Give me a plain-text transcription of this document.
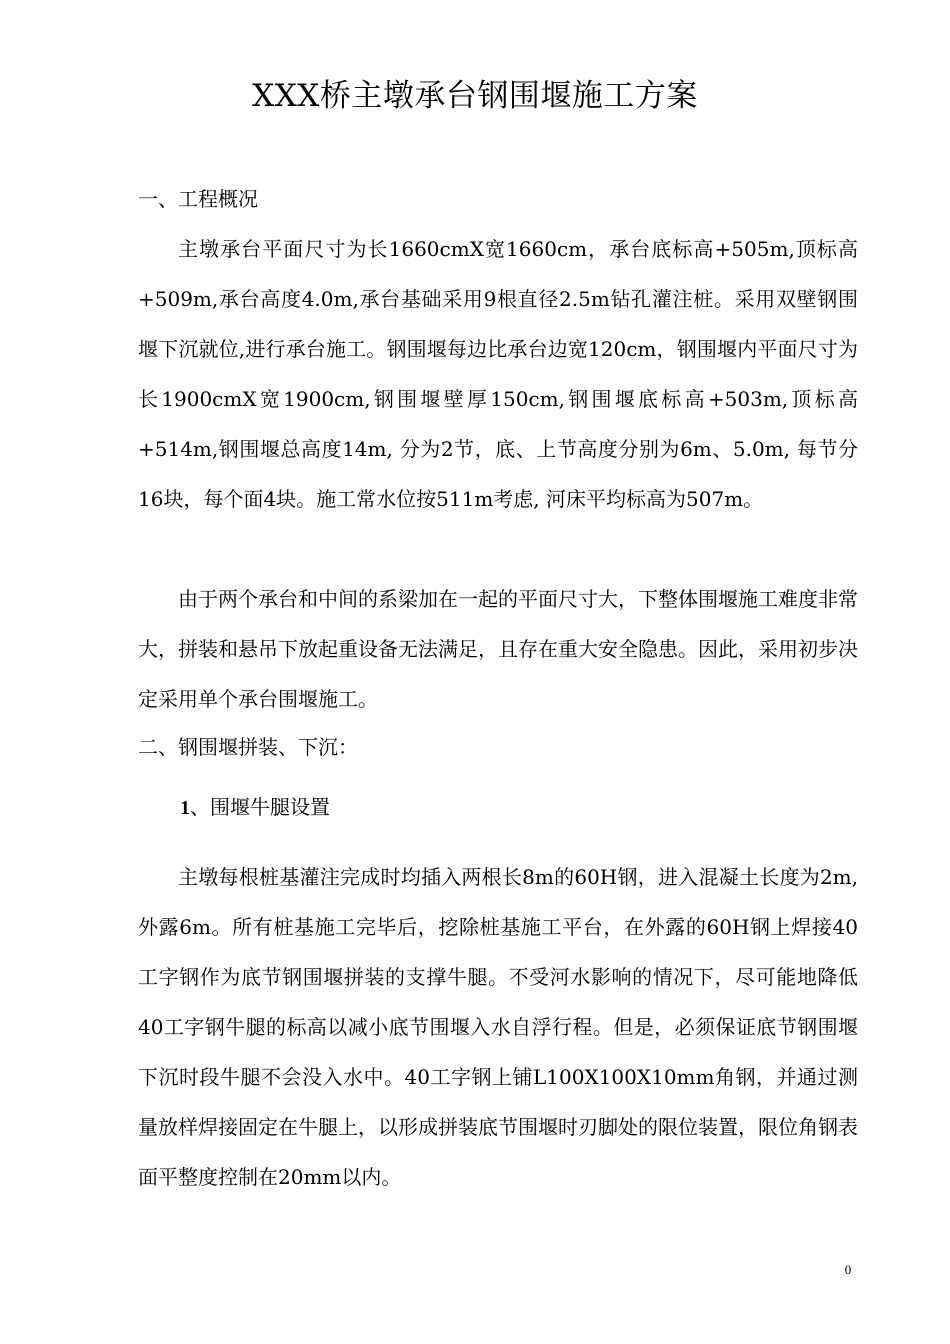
XXX桥主墩承台钢围堰施工方案
一、工程概况

主墩承台平面尺寸为长1660cmX宽1660cm，承台底标高+505m,顶标高+509m,承台高度4.0m,承台基础采用9根直径2.5m钻孔灌注桩。采用双壁钢围堰下沉就位,进行承台施工。钢围堰每边比承台边宽120cm，钢围堰内平面尺寸为长1900cmX宽1900cm,钢围堰壁厚150cm,钢围堰底标高+503m,顶标高+514m,钢围堰总高度14m, 分为2节，底、上节高度分别为6m、5.0m, 每节分16块，每个面4块。施工常水位按511m考虑, 河床平均标高为507m。

由于两个承台和中间的系梁加在一起的平面尺寸大，下整体围堰施工难度非常大，拼装和悬吊下放起重设备无法满足，且存在重大安全隐患。因此，采用初步决定采用单个承台围堰施工。

二、钢围堰拼装、下沉：
1、围堰牛腿设置

主墩每根桩基灌注完成时均插入两根长8m的60H钢，进入混凝土长度为2m, 外露6m。所有桩基施工完毕后，挖除桩基施工平台，在外露的60H钢上焊接40工字钢作为底节钢围堰拼装的支撑牛腿。不受河水影响的情况下，尽可能地降低40工字钢牛腿的标高以减小底节围堰入水自浮行程。但是，必须保证底节钢围堰下沉时段牛腿不会没入水中。40工字钢上铺L100X100X10mm角钢，并通过测量放样焊接固定在牛腿上，以形成拼装底节围堰时刃脚处的限位装置，限位角钢表面平整度控制在20mm以内。

0
